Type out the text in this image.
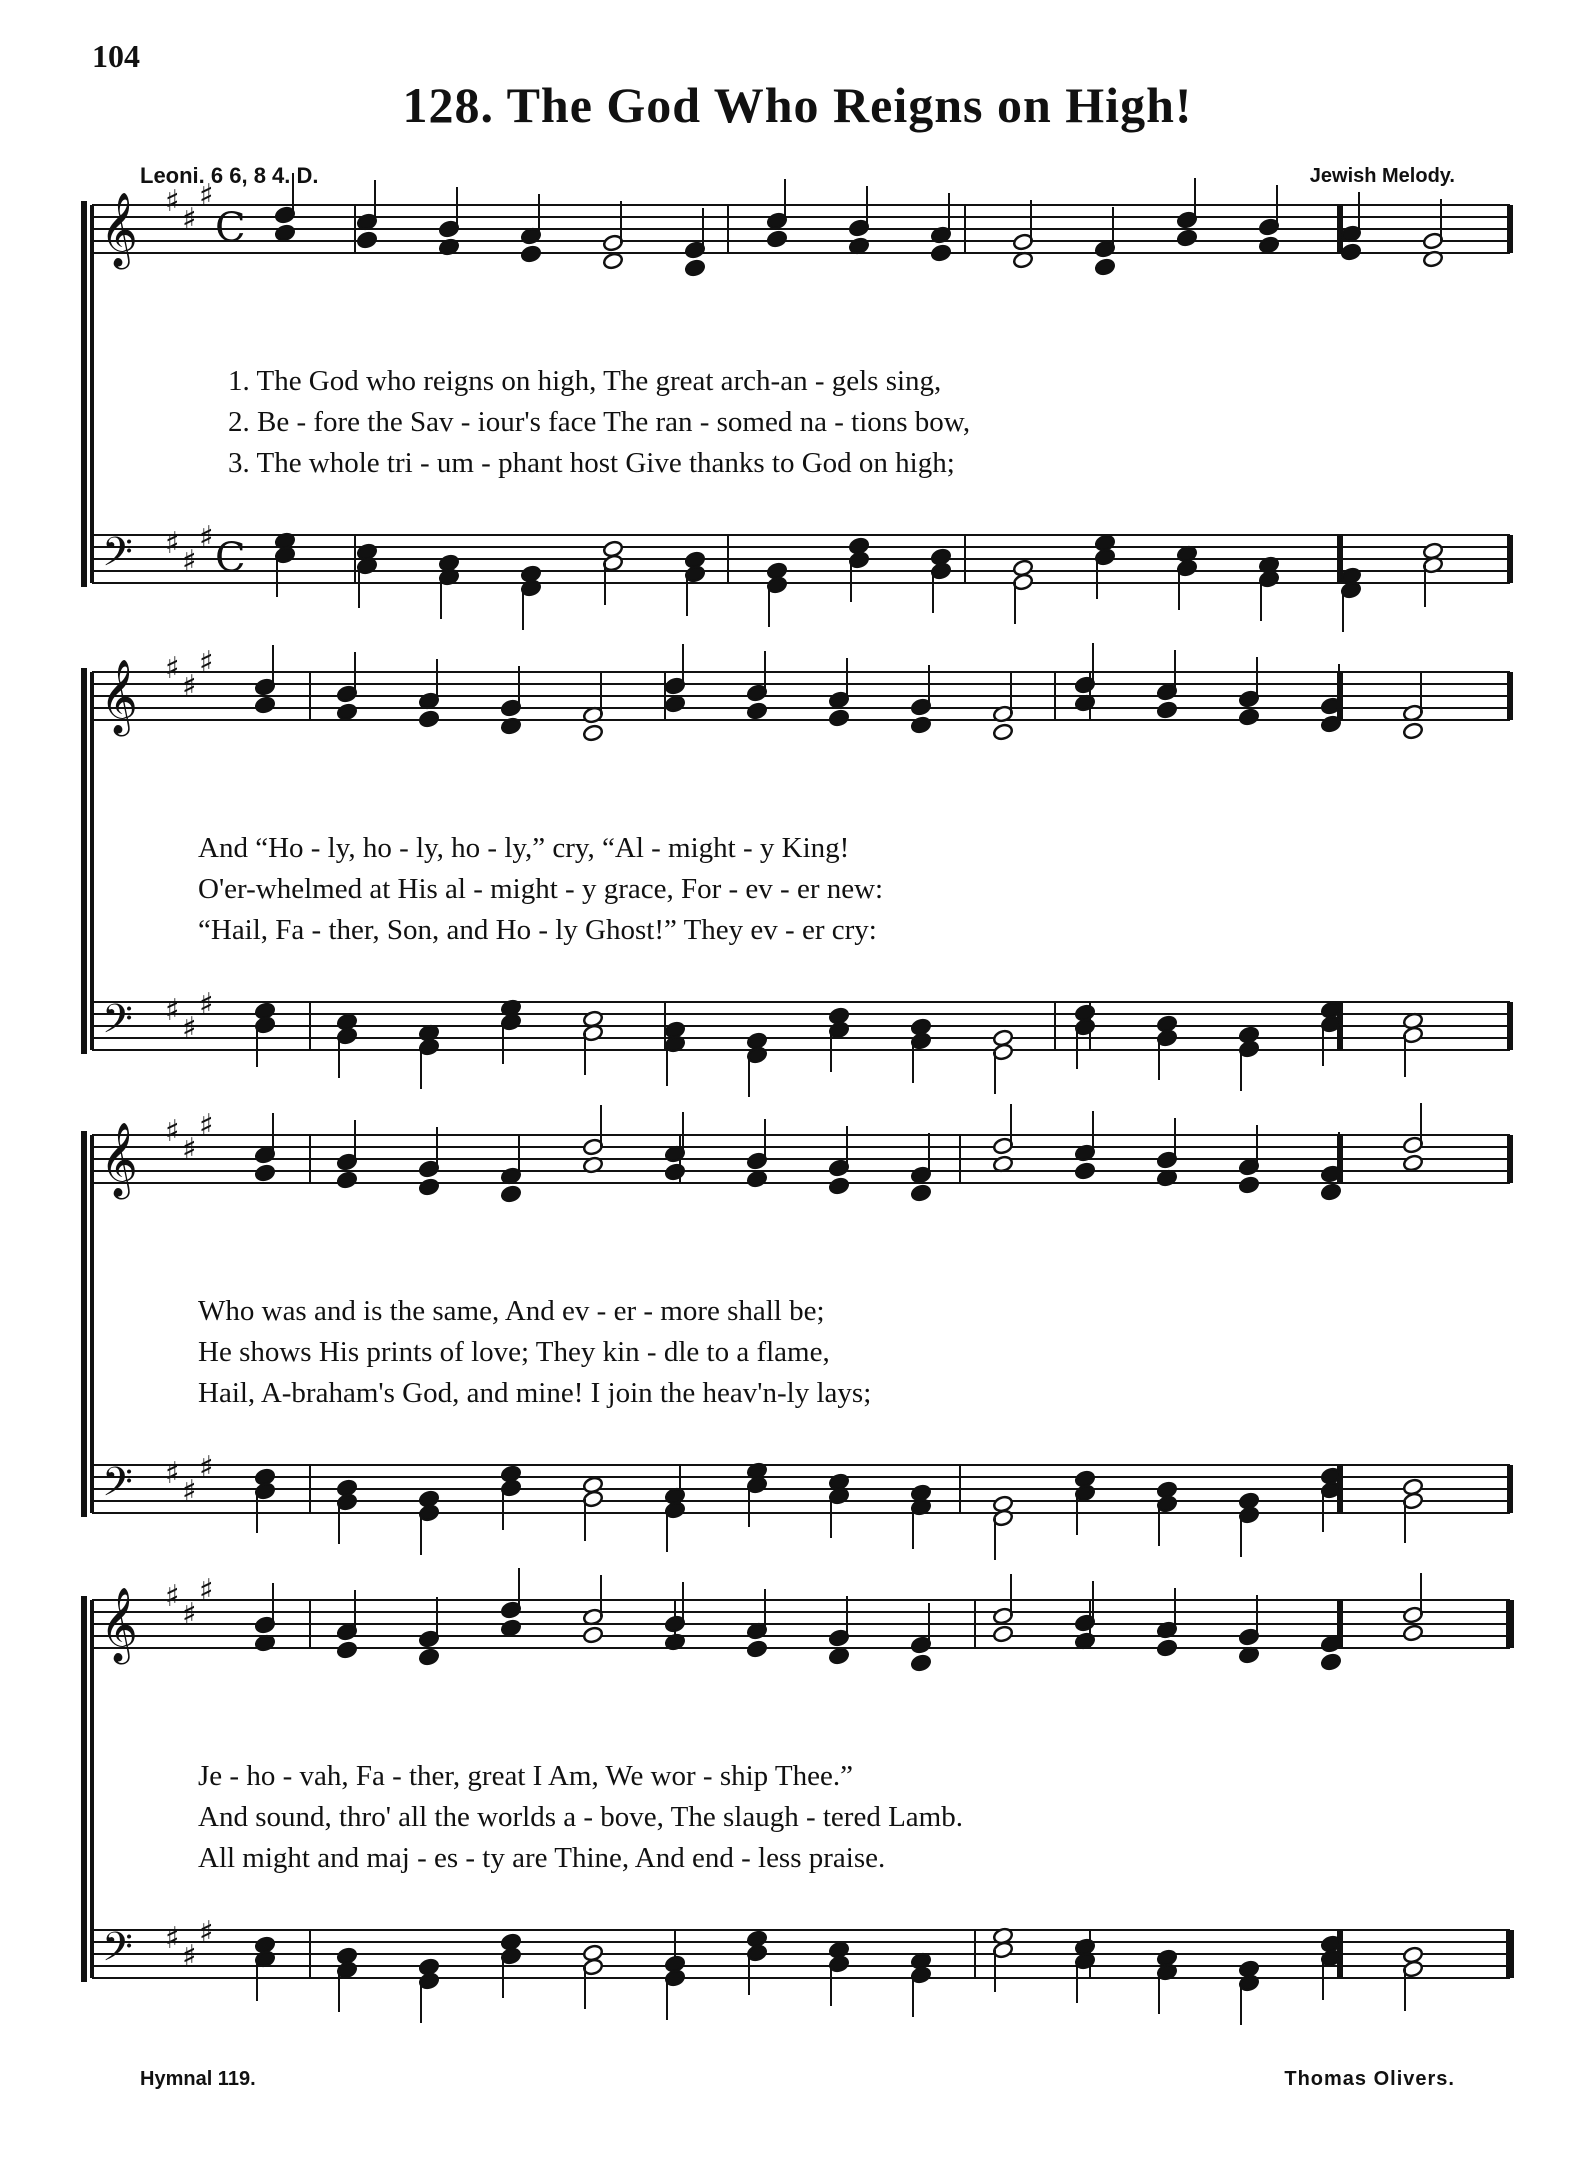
104
128. The God Who Reigns on High!
Leoni. 6 6, 8 4. D.	Jewish Melody.
𝄞
𝄢
♯
♯
♯
♯
♯
♯
C
C
𝄞
𝄢
♯
♯
♯
♯
♯
♯
𝄞
𝄢
♯
♯
♯
♯
♯
♯
𝄞
𝄢
♯
♯
♯
♯
♯
♯
1. The God who reigns on high, The great arch-an - gels sing,
2. Be - fore the Sav - iour's face The ran - somed na - tions bow,
3. The whole tri - um - phant host Give thanks to God on high;
And “Ho - ly, ho - ly, ho - ly,” cry, “Al - might - y King!
O'er-whelmed at His al - might - y grace, For - ev - er new:
“Hail, Fa - ther, Son, and Ho - ly Ghost!” They ev - er cry:
Who was and is the same, And ev - er - more shall be;
He shows His prints of love; They kin - dle to a flame,
Hail, A-braham's God, and mine! I join the heav'n-ly lays;
Je - ho - vah, Fa - ther, great I Am, We wor - ship Thee.”
And sound, thro' all the worlds a - bove, The slaugh - tered Lamb.
All might and maj - es - ty are Thine, And end - less praise.
Hymnal 119.	Thomas Olivers.
